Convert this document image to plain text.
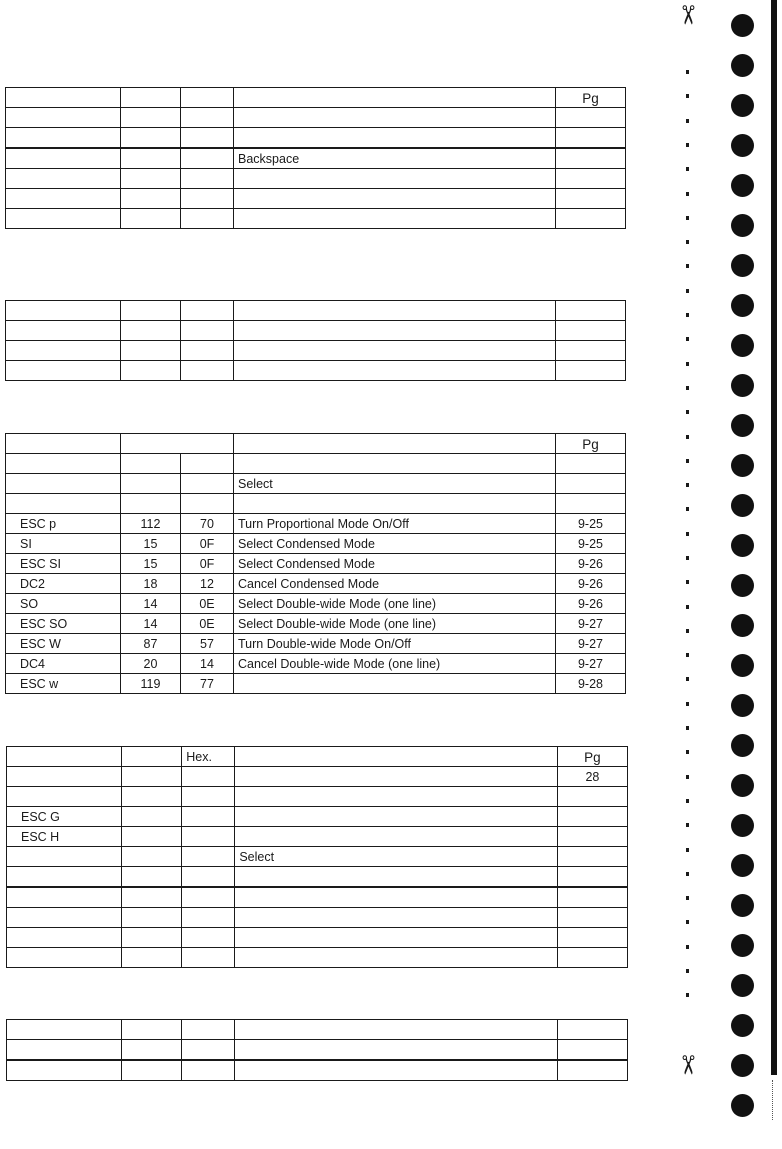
✂
✂
				Pg

			Backspace	

				Pg

			Select	

ESC p	112	70	Turn Proportional Mode On/Off	9-25
SI	15	0F	Select Condensed Mode	9-25
ESC SI	15	0F	Select Condensed Mode	9-26
DC2	18	12	Cancel Condensed Mode	9-26
SO	14	0E	Select Double-wide Mode (one line)	9-26
ESC SO	14	0E	Select Double-wide Mode (one line)	9-27
ESC W	87	57	Turn Double-wide Mode On/Off	9-27
DC4	20	14	Cancel Double-wide Mode (one line)	9-27
ESC w	119	77		9-28
		Hex.		Pg
				28

ESC G				
ESC H				
			Select	
